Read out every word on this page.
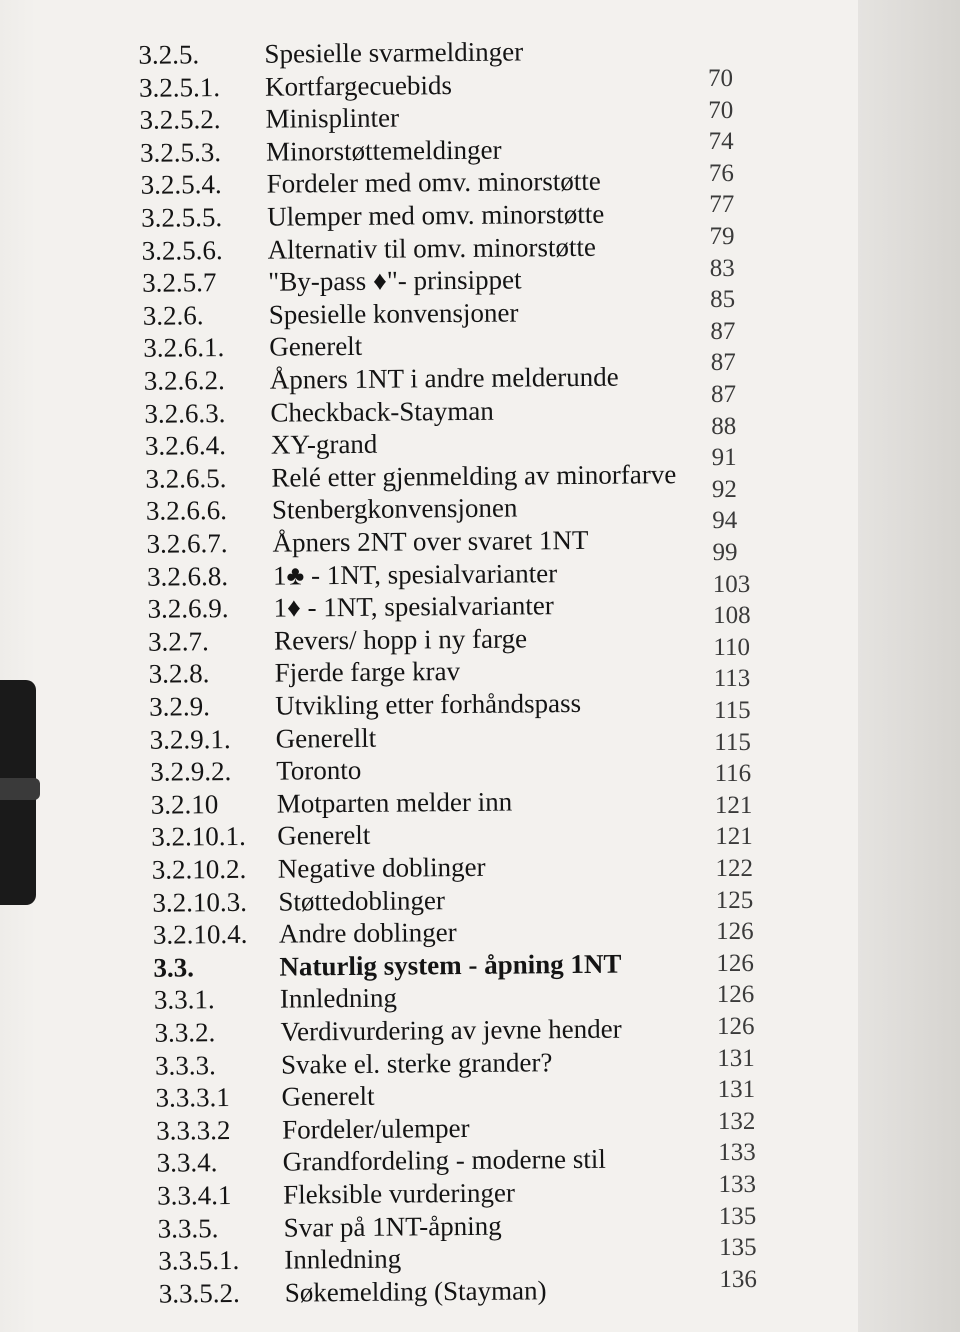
3.2.5. Spesielle svarmeldinger
3.2.5.1. Kortfargecuebids
3.2.5.2. Minisplinter
3.2.5.3. Minorstøttemeldinger
3.2.5.4. Fordeler med omv. minorstøtte
3.2.5.5. Ulemper med omv. minorstøtte
3.2.5.6. Alternativ til omv. minorstøtte
3.2.5.7 "By-pass ♦"- prinsippet
3.2.6. Spesielle konvensjoner
3.2.6.1. Generelt
3.2.6.2. Åpners 1NT i andre melderunde
3.2.6.3. Checkback-Stayman
3.2.6.4. XY-grand
3.2.6.5. Relé etter gjenmelding av minorfarve
3.2.6.6. Stenbergkonvensjonen
3.2.6.7. Åpners 2NT over svaret 1NT
3.2.6.8. 1♣ - 1NT, spesialvarianter
3.2.6.9. 1♦ - 1NT, spesialvarianter
3.2.7. Revers/ hopp i ny farge
3.2.8. Fjerde farge krav
3.2.9. Utvikling etter forhåndspass
3.2.9.1. Generellt
3.2.9.2. Toronto
3.2.10 Motparten melder inn
3.2.10.1. Generelt
3.2.10.2. Negative doblinger
3.2.10.3. Støttedoblinger
3.2.10.4. Andre doblinger
3.3.	Naturlig system - åpning 1NT
3.3.1. Innledning
3.3.2. Verdivurdering av jevne hender
3.3.3. Svake el. sterke grander?
3.3.3.1 Generelt
3.3.3.2 Fordeler/ulemper
3.3.4. Grandfordeling - moderne stil
3.3.4.1 Fleksible vurderinger
3.3.5. Svar på 1NT-åpning
3.3.5.1. Innledning
3.3.5.2. Søkemelding (Stayman)
70
70
74
76
77
79
83
85
87
87
87
88
91
92
94
99
103
108
110
113
115
115
116
121
121
122
125
126
126
126
126
131
131
132
133
133
135
135
136
